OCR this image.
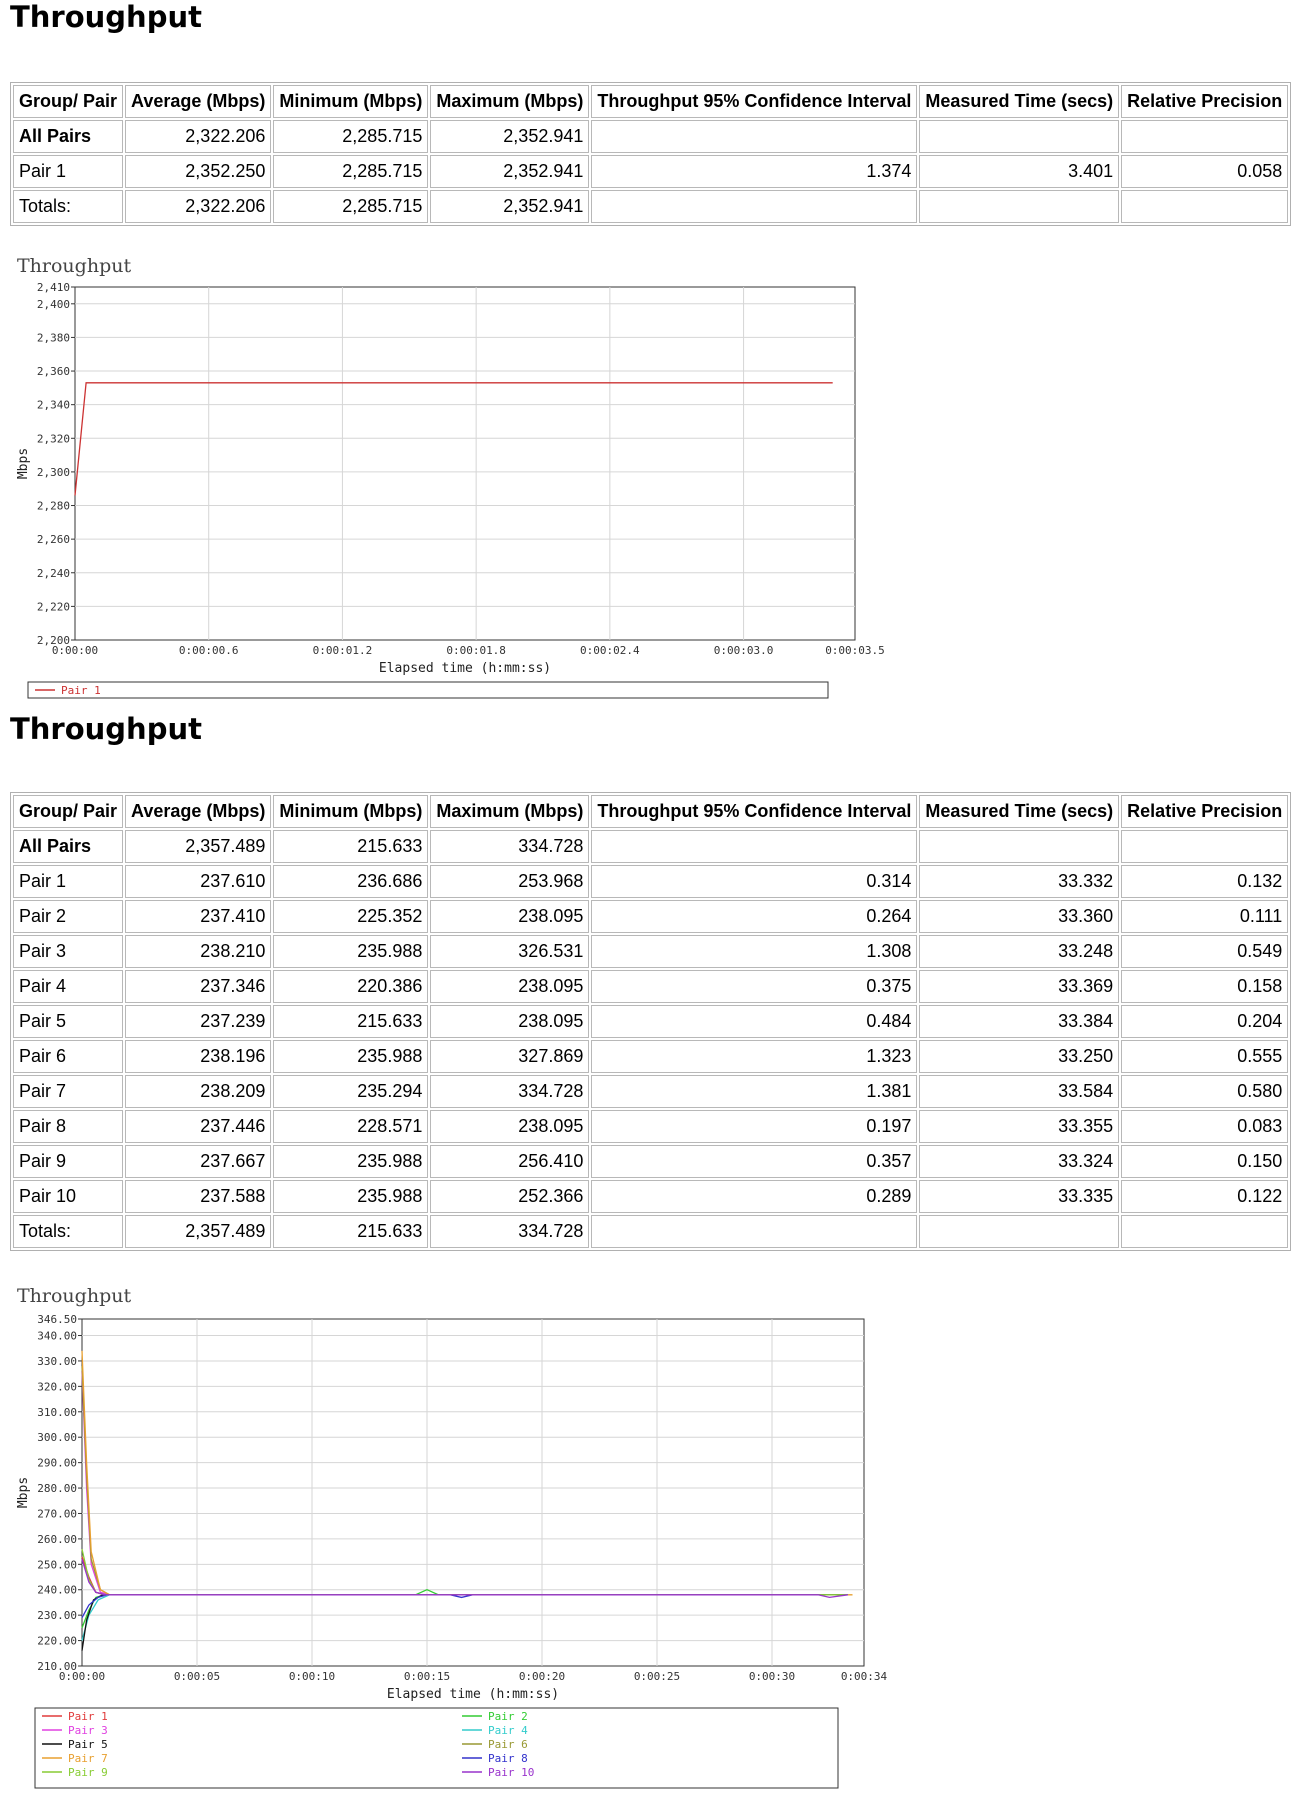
Throughput
Group/ Pair	Average (Mbps)	Minimum (Mbps)	Maximum (Mbps)	Throughput 95% Confidence Interval	Measured Time (secs)	Relative Precision
All Pairs	2,322.206	2,285.715	2,352.941			
Pair 1	2,352.250	2,285.715	2,352.941	1.374	3.401	0.058
Totals:	2,322.206	2,285.715	2,352.941			
Throughput
0:00:00	0:00:00.6	0:00:01.2	0:00:01.8	0:00:02.4	0:00:03.0	0:00:03.5
2,200
2,220
2,240
2,260
2,280
2,300
2,320
2,340
2,360
2,380
2,400
2,410
Elapsed time (h:mm:ss)
Mbps
Pair 1
Throughput
Group/ Pair	Average (Mbps)	Minimum (Mbps)	Maximum (Mbps)	Throughput 95% Confidence Interval	Measured Time (secs)	Relative Precision
All Pairs	2,357.489	215.633	334.728			
Pair 1	237.610	236.686	253.968	0.314	33.332	0.132
Pair 2	237.410	225.352	238.095	0.264	33.360	0.111
Pair 3	238.210	235.988	326.531	1.308	33.248	0.549
Pair 4	237.346	220.386	238.095	0.375	33.369	0.158
Pair 5	237.239	215.633	238.095	0.484	33.384	0.204
Pair 6	238.196	235.988	327.869	1.323	33.250	0.555
Pair 7	238.209	235.294	334.728	1.381	33.584	0.580
Pair 8	237.446	228.571	238.095	0.197	33.355	0.083
Pair 9	237.667	235.988	256.410	0.357	33.324	0.150
Pair 10	237.588	235.988	252.366	0.289	33.335	0.122
Totals:	2,357.489	215.633	334.728			
Throughput
0:00:00	0:00:05	0:00:10	0:00:15	0:00:20	0:00:25	0:00:30	0:00:34
210.00
220.00
230.00
240.00
250.00
260.00
270.00
280.00
290.00
300.00
310.00
320.00
330.00
340.00
346.50
Elapsed time (h:mm:ss)
Mbps
Pair 1	Pair 2
Pair 3	Pair 4
Pair 5	Pair 6
Pair 7	Pair 8
Pair 9	Pair 10
